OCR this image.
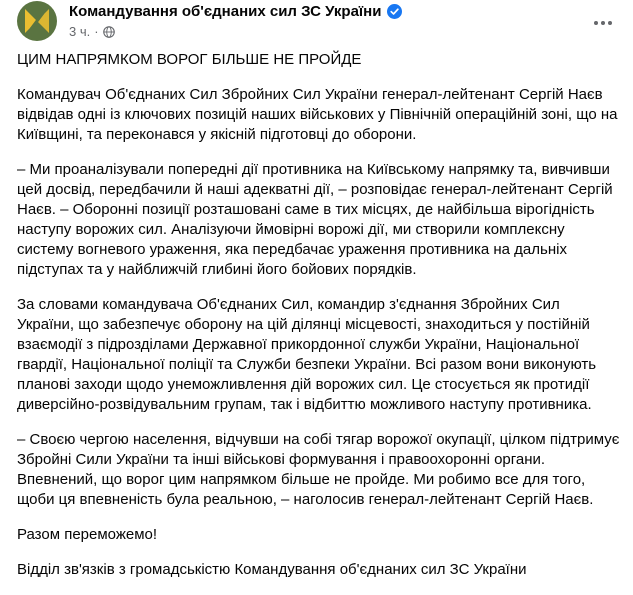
Командування об'єднаних сил ЗС України
3 ч. ·

ЦИМ НАПРЯМКОМ ВОРОГ БІЛЬШЕ НЕ ПРОЙДЕ

Командувач Об'єднаних Сил Збройних Сил України генерал-лейтенант Сергій Наєв відвідав одні із ключових позицій наших військових у Північній операційній зоні, що на Київщині, та переконався у якісній підготовці до оборони.

– Ми проаналізували попередні дії противника на Київському напрямку та, вивчивши цей досвід, передбачили й наші адекватні дії, – розповідає генерал-лейтенант Сергій Наєв. – Оборонні позиції розташовані саме в тих місцях, де найбільша вірогідність наступу ворожих сил. Аналізуючи ймовірні ворожі дії, ми створили комплексну систему вогневого ураження, яка передбачає ураження противника на дальніх підступах та у найближчій глибині його бойових порядків.

За словами командувача Об'єднаних Сил, командир з'єднання Збройних Сил України, що забезпечує оборону на цій ділянці місцевості, знаходиться у постійній взаємодії з підрозділами Державної прикордонної служби України, Національної гвардії, Національної поліції та Служби безпеки України. Всі разом вони виконують планові заходи щодо унеможливлення дій ворожих сил. Це стосується як протидії диверсійно-розвідувальним групам, так і відбиттю можливого наступу противника.

– Своєю чергою населення, відчувши на собі тягар ворожої окупації, цілком підтримує Збройні Сили України та інші військові формування і правоохоронні органи. Впевнений, що ворог цим напрямком більше не пройде. Ми робимо все для того, щоби ця впевненість була реальною, – наголосив генерал-лейтенант Сергій Наєв.

Разом переможемо!

Відділ зв'язків з громадськістю Командування об'єднаних сил ЗС України
